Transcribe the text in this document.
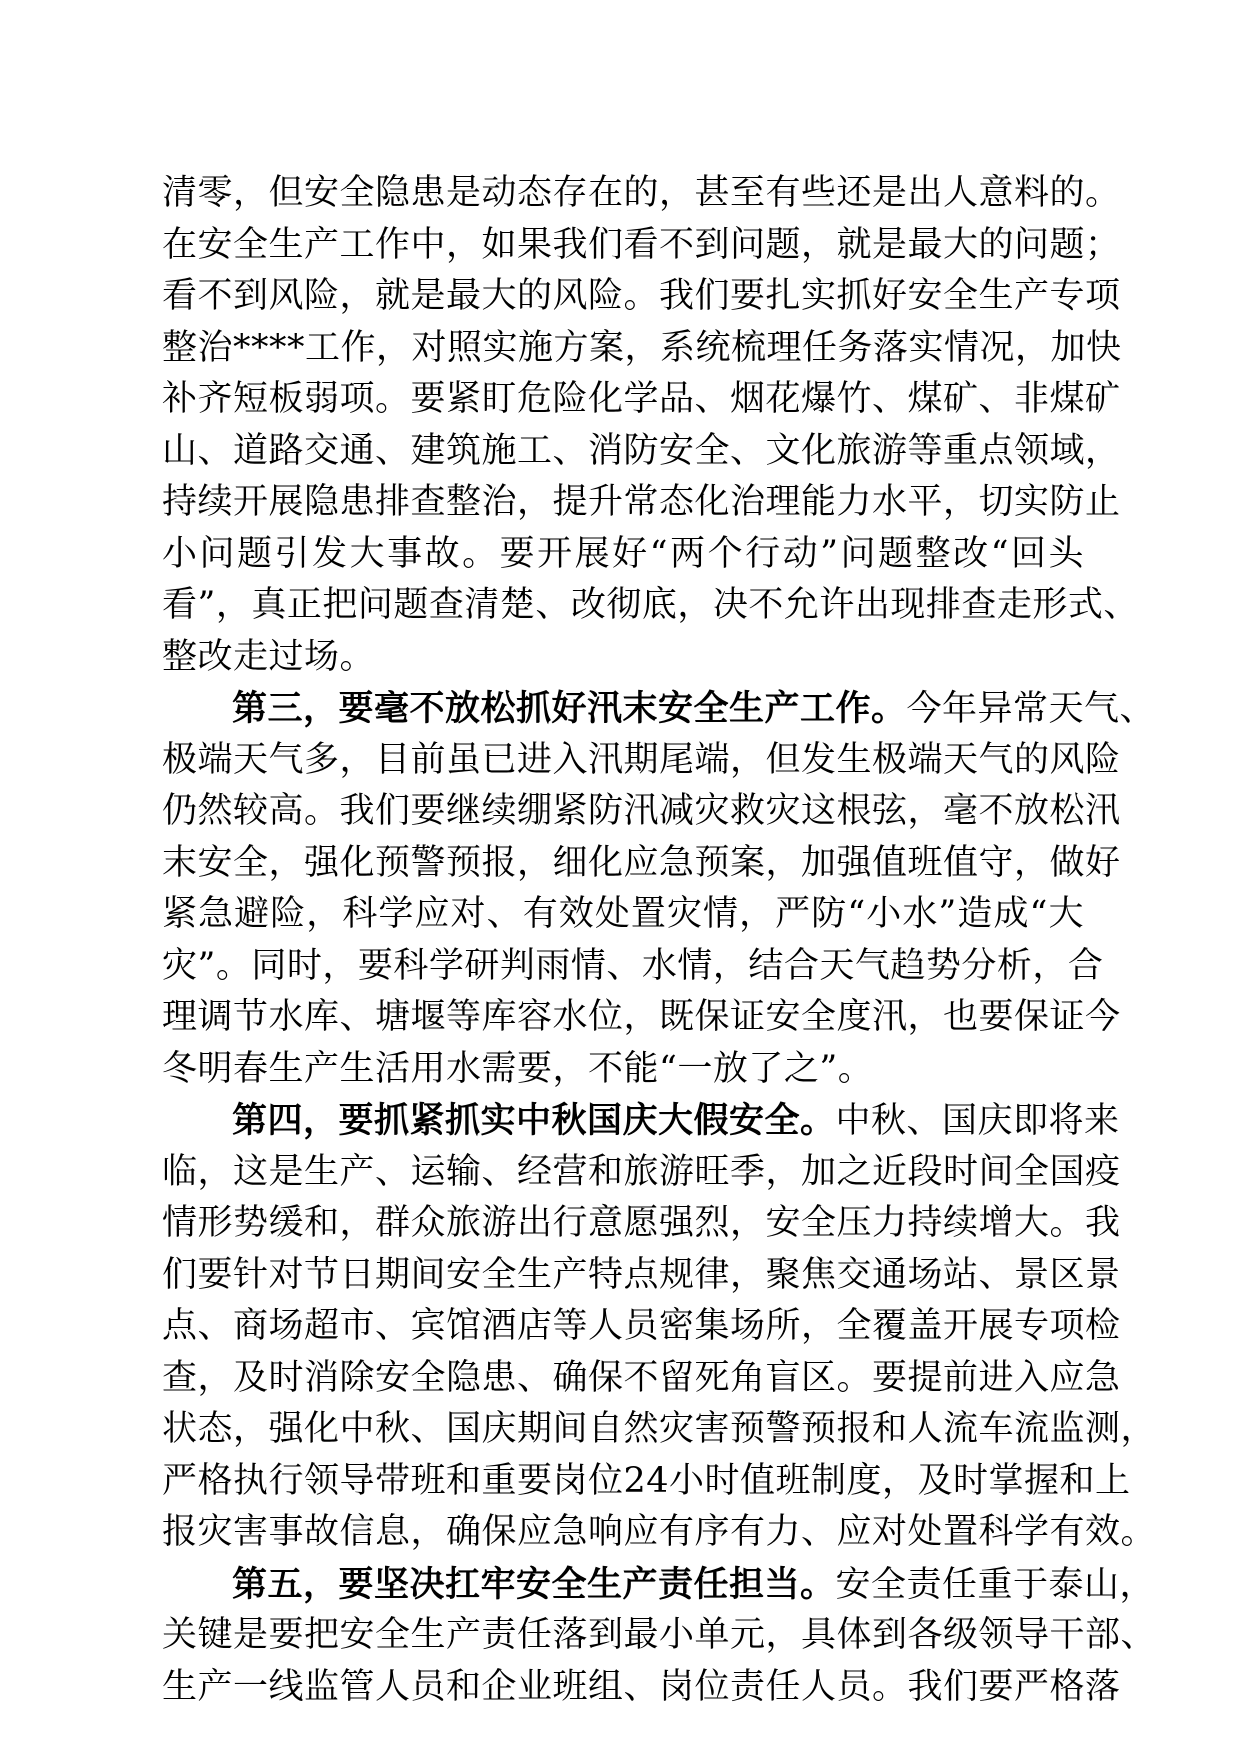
清零，但安全隐患是动态存在的，甚至有些还是出人意料的。
在安全生产工作中，如果我们看不到问题，就是最大的问题；
看不到风险，就是最大的风险。我们要扎实抓好安全生产专项
整治****工作，对照实施方案，系统梳理任务落实情况，加快
补齐短板弱项。要紧盯危险化学品、烟花爆竹、煤矿、非煤矿
山、道路交通、建筑施工、消防安全、文化旅游等重点领域，
持续开展隐患排查整治，提升常态化治理能力水平，切实防止
小问题引发大事故。要开展好“两个行动”问题整改“回头
看”，真正把问题查清楚、改彻底，决不允许出现排查走形式、
整改走过场。
第三，要毫不放松抓好汛末安全生产工作。今年异常天气、
极端天气多，目前虽已进入汛期尾端，但发生极端天气的风险
仍然较高。我们要继续绷紧防汛减灾救灾这根弦，毫不放松汛
末安全，强化预警预报，细化应急预案，加强值班值守，做好
紧急避险，科学应对、有效处置灾情，严防“小水”造成“大
灾”。同时，要科学研判雨情、水情，结合天气趋势分析，合
理调节水库、塘堰等库容水位，既保证安全度汛，也要保证今
冬明春生产生活用水需要，不能“一放了之”。
第四，要抓紧抓实中秋国庆大假安全。中秋、国庆即将来
临，这是生产、运输、经营和旅游旺季，加之近段时间全国疫
情形势缓和，群众旅游出行意愿强烈，安全压力持续增大。我
们要针对节日期间安全生产特点规律，聚焦交通场站、景区景
点、商场超市、宾馆酒店等人员密集场所，全覆盖开展专项检
查，及时消除安全隐患、确保不留死角盲区。要提前进入应急
状态，强化中秋、国庆期间自然灾害预警预报和人流车流监测，
严格执行领导带班和重要岗位24小时值班制度，及时掌握和上
报灾害事故信息，确保应急响应有序有力、应对处置科学有效。
第五，要坚决扛牢安全生产责任担当。安全责任重于泰山，
关键是要把安全生产责任落到最小单元，具体到各级领导干部、
生产一线监管人员和企业班组、岗位责任人员。我们要严格落
